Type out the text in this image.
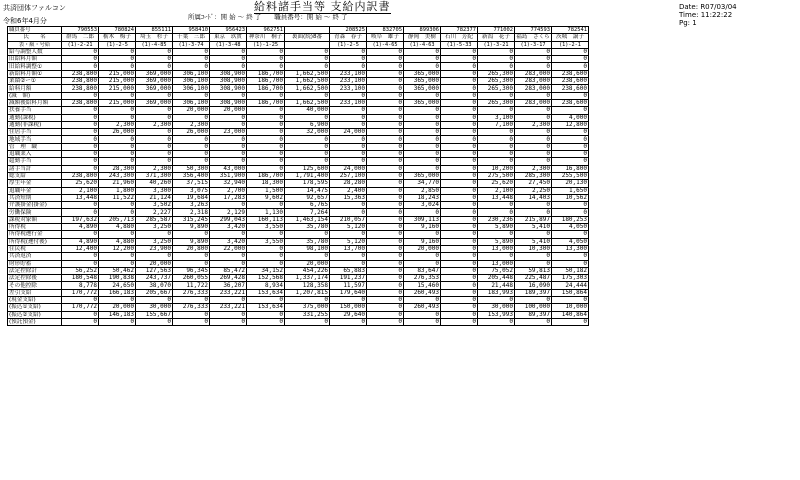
共済団体ファルコン
令和6年4月分
給料諸手当等 支給内訳書
所属ｺｰﾄﾞ：開 始 〜 終 了　　職員番号：開 始 〜 終 了
Date: R07/03/04
Time: 11:22:22
Pg: 1
職員番号	790553	780824	855111	958410	956423	962751		208525	832705	899306	782377	771002	774593	782541
氏　　名	群馬　二郎	栃木　梅子	埼玉　杉子	千葉　三郎	東京　玖實	神奈川　桐子	裏面(続)8番	青森　春子	岐阜　雄子	静岡　美樹	石川　芳紀	新潟　花子	福島　さくら	茨城　譲子
表・級・号給	(1)-2-21	(1)-2-5	(1)-4-85	(1)-3-74	(1)-3-48	(1)-1-25		(1)-2-5	(1)-4-65	(1)-4-63	(1)-5-33	(1)-3-21	(1)-3-17	(1)-2-1
給与調整人数	0	0	0	0	0	0	0	0	0	0	0	0	0	0
旧給料月額	0	0	0	0	0	0	0	0	0	0	0	0	0	0
旧給料調整①	0	0	0	0	0	0	0	0	0	0	0	0	0	0
新給料月額①	238,800	215,000	369,000	306,100	308,900	186,700	1,662,500	233,100	0	365,000	0	265,300	283,000	238,600
業績②ー①	238,800	215,000	369,000	306,100	308,900	186,700	1,662,500	233,100	0	365,000	0	265,300	283,000	238,600
給料月額	238,800	215,000	369,000	306,100	308,900	186,700	1,662,500	233,100	0	365,000	0	265,300	283,000	238,600
(減　額)	0	0	0	0	0	0	0	0	0	0	0	0	0	0
減額後給料月額	238,800	215,000	369,000	306,100	308,900	186,700	1,662,500	233,100	0	365,000	0	265,300	283,000	238,600
扶養手当	0	0	0	20,000	20,000	0	40,000	0	0	0	0	0	0	0
通勤(課税)	0	0	0	0	0	0	0	0	0	0	0	3,100	0	4,000
通勤(非課税)	0	2,300	2,300	2,300	0	0	6,900	0	0	0	0	7,100	2,300	12,800
住居手当	0	26,000	0	26,000	23,000	0	32,000	24,000	0	0	0	0	0	0
地域手当	0	0	0	0	0	0	0	0	0	0	0	0	0	0
管　理　職	0	0	0	0	0	0	0	0	0	0	0	0	0	0
退職業入	0	0	0	0	0	0	0	0	0	0	0	0	0	0
超勤手当	0	0	0	0	0	0	0	0	0	0	0	0	0	0
諸手当計	0	28,300	2,300	50,300	43,000	0	125,600	24,000	0	0	0	10,200	2,300	16,800
総支給	238,800	243,300	371,300	356,400	351,900	186,700	1,791,400	257,100	0	365,000	0	275,500	285,300	255,500
厚生年金	25,620	21,960	40,260	37,515	32,940	18,300	178,595	28,280	0	34,770	0	25,620	27,450	20,130
退職年金	2,100	1,800	3,300	3,075	2,700	1,500	14,475	2,400	0	2,850	0	2,100	2,250	1,650
共済短期	13,448	11,522	21,124	19,684	17,283	9,602	92,657	15,363	0	18,243	0	13,448	14,403	10,562
介護掛金(掛金)	0	0	3,502	3,263	0	0	6,765	0	0	3,024	0	0	0	0
労働保険	0	0	2,227	2,318	2,129	1,130	7,264	0	0	0	0	0	0	0
課税対象額	197,632	205,713	285,587	315,245	299,043	160,113	1,463,154	210,057	0	309,113	0	230,236	215,897	180,253
所得税	4,890	4,880	3,250	9,890	3,420	3,550	35,780	5,120	0	9,160	0	5,890	5,410	4,050
所得税遡行金	0	0	0	0	0	0	0	0	0	0	0	0	0	0
所得税(遡付後)	4,890	4,880	3,250	9,890	3,420	3,550	35,780	5,120	0	9,160	0	5,890	5,410	4,050
住民税	12,400	12,200	23,900	20,800	22,000	0	98,100	13,700	0	20,000	0	13,000	10,300	13,300
共済返済	0	0	0	0	0	0	0	0	0	0	0	0	0	0
財形貯蓄	0	0	20,000	0	0	0	20,000	0	0	0	0	13,000	0	0
法定控除計	56,252	50,462	127,563	96,345	85,472	34,152	454,226	65,883	0	83,647	0	75,052	59,813	50,182
法定控除後	180,548	190,838	243,737	260,055	269,428	152,568	1,337,174	191,237	0	276,353	0	205,448	225,487	175,303
その他控除	8,778	24,650	38,070	11,722	36,207	8,934	128,358	11,597	0	15,460	0	21,448	16,090	24,444
差引支給	170,772	166,183	205,667	276,333	233,221	153,634	1,207,815	179,640	0	260,493	0	183,993	189,397	150,864
(現金支給)	0	0	0	0	0	0	0	0	0	0	0	0	0	0
(振込①支給)	170,772	20,000	30,000	276,333	233,221	153,634	375,000	150,000	0	260,493	0	30,000	100,000	10,000
(振込②支給)	0	146,183	155,667	0	0	0	331,255	29,640	0	0	0	153,993	89,397	140,864
(預託預金)	0	0	0	0	0	0	0	0	0	0	0	0	0	0
